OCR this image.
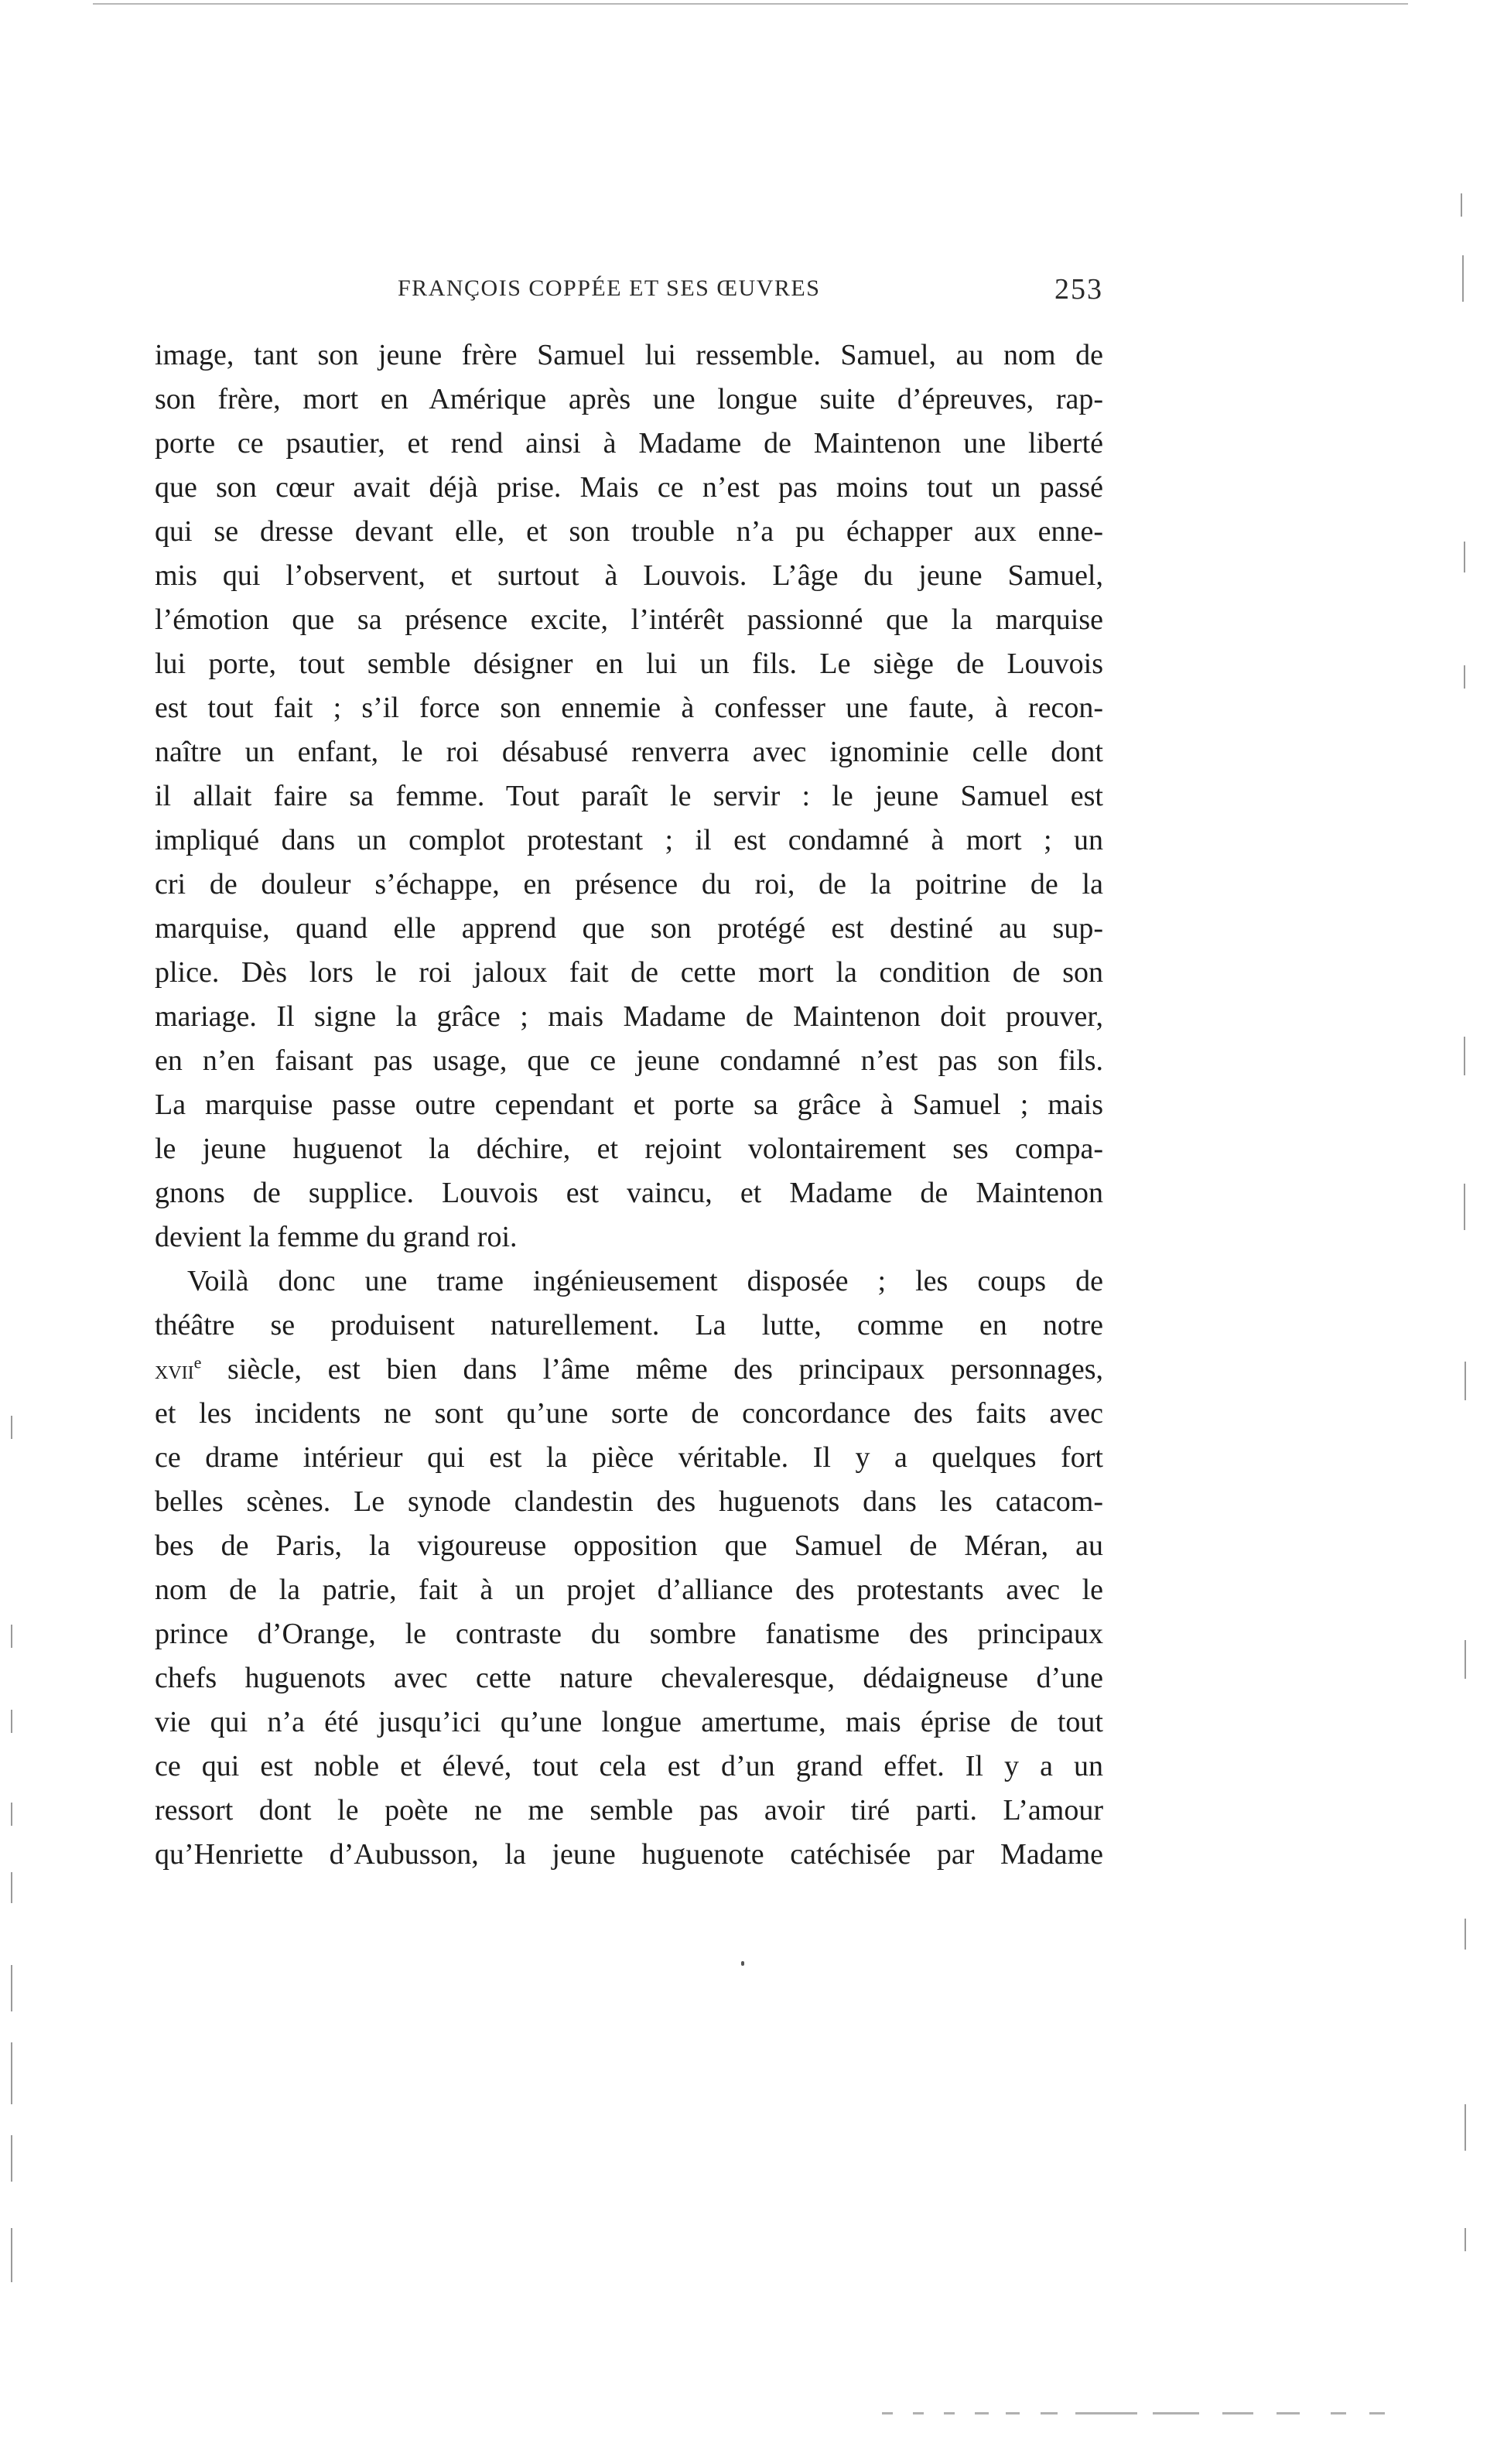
FRANÇOIS COPPÉE ET SES ŒUVRES	253
image, tant son jeune frère Samuel lui ressemble. Samuel, au nom de
son frère, mort en Amérique après une longue suite d’épreuves, rap-
porte ce psautier, et rend ainsi à Madame de Maintenon une liberté
que son cœur avait déjà prise. Mais ce n’est pas moins tout un passé
qui se dresse devant elle, et son trouble n’a pu échapper aux enne-
mis qui l’observent, et surtout à Louvois. L’âge du jeune Samuel,
l’émotion que sa présence excite, l’intérêt passionné que la marquise
lui porte, tout semble désigner en lui un fils. Le siège de Louvois
est tout fait ; s’il force son ennemie à confesser une faute, à recon-
naître un enfant, le roi désabusé renverra avec ignominie celle dont
il allait faire sa femme. Tout paraît le servir : le jeune Samuel est
impliqué dans un complot protestant ; il est condamné à mort ; un
cri de douleur s’échappe, en présence du roi, de la poitrine de la
marquise, quand elle apprend que son protégé est destiné au sup-
plice. Dès lors le roi jaloux fait de cette mort la condition de son
mariage. Il signe la grâce ; mais Madame de Maintenon doit prouver,
en n’en faisant pas usage, que ce jeune condamné n’est pas son fils.
La marquise passe outre cependant et porte sa grâce à Samuel ; mais
le jeune huguenot la déchire, et rejoint volontairement ses compa-
gnons de supplice. Louvois est vaincu, et Madame de Maintenon
devient la femme du grand roi.
Voilà donc une trame ingénieusement disposée ; les coups de
théâtre se produisent naturellement. La lutte, comme en notre
xvii$^e$ siècle, est bien dans l’âme même des principaux personnages,
et les incidents ne sont qu’une sorte de concordance des faits avec
ce drame intérieur qui est la pièce véritable. Il y a quelques fort
belles scènes. Le synode clandestin des huguenots dans les catacom-
bes de Paris, la vigoureuse opposition que Samuel de Méran, au
nom de la patrie, fait à un projet d’alliance des protestants avec le
prince d’Orange, le contraste du sombre fanatisme des principaux
chefs huguenots avec cette nature chevaleresque, dédaigneuse d’une
vie qui n’a été jusqu’ici qu’une longue amertume, mais éprise de tout
ce qui est noble et élevé, tout cela est d’un grand effet. Il y a un
ressort dont le poète ne me semble pas avoir tiré parti. L’amour
qu’Henriette d’Aubusson, la jeune huguenote catéchisée par Madame
